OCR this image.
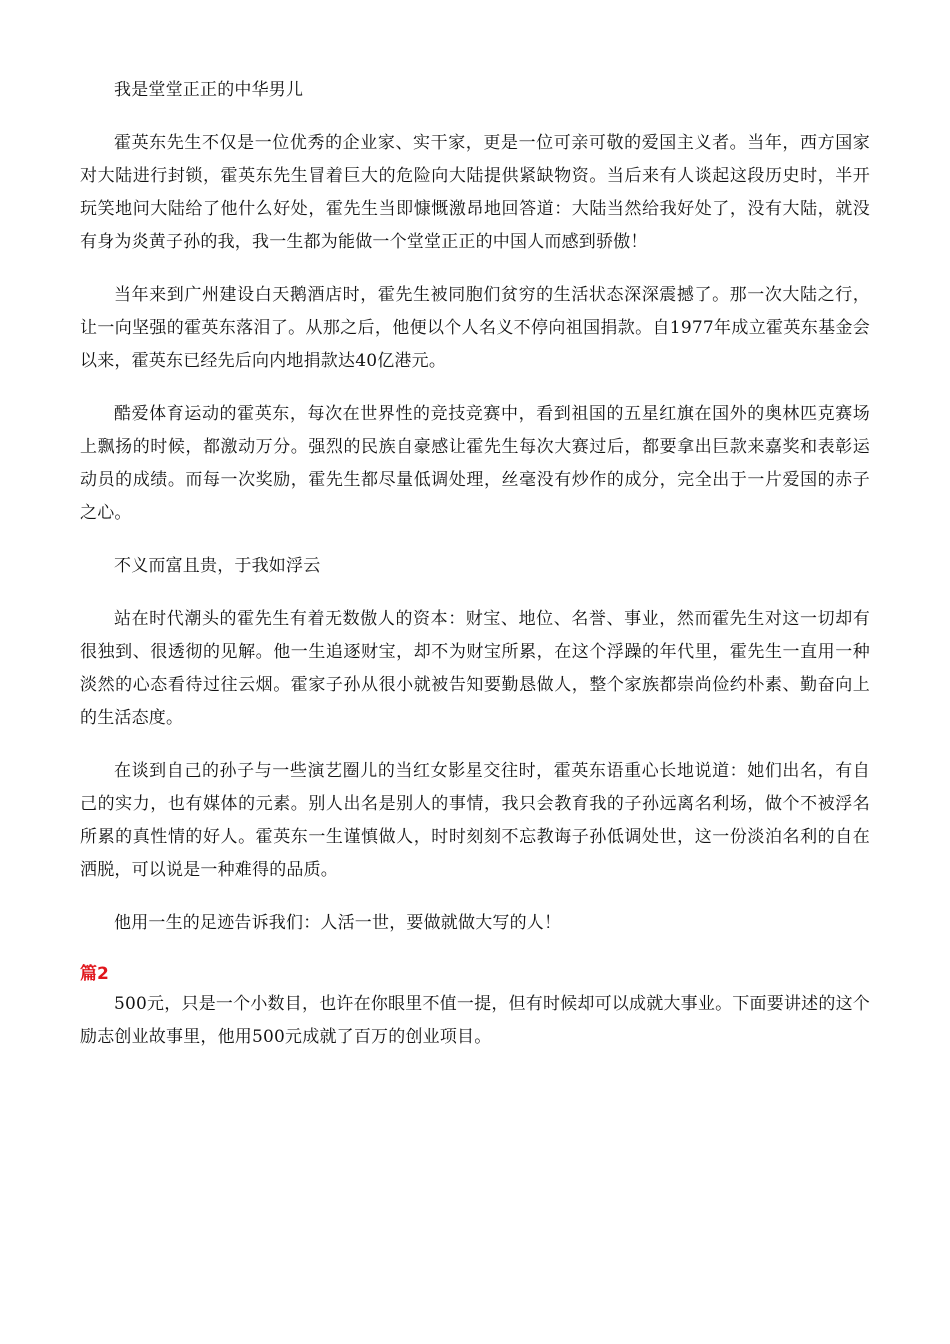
我是堂堂正正的中华男儿

霍英东先生不仅是一位优秀的企业家、实干家，更是一位可亲可敬的爱国主义者。当年，西方国家对大陆进行封锁，霍英东先生冒着巨大的危险向大陆提供紧缺物资。当后来有人谈起这段历史时，半开玩笑地问大陆给了他什么好处，霍先生当即慷慨激昂地回答道：大陆当然给我好处了，没有大陆，就没有身为炎黄子孙的我，我一生都为能做一个堂堂正正的中国人而感到骄傲！

当年来到广州建设白天鹅酒店时，霍先生被同胞们贫穷的生活状态深深震撼了。那一次大陆之行，让一向坚强的霍英东落泪了。从那之后，他便以个人名义不停向祖国捐款。自1977年成立霍英东基金会以来，霍英东已经先后向内地捐款达40亿港元。

酷爱体育运动的霍英东，每次在世界性的竞技竞赛中，看到祖国的五星红旗在国外的奥林匹克赛场上飘扬的时候，都激动万分。强烈的民族自豪感让霍先生每次大赛过后，都要拿出巨款来嘉奖和表彰运动员的成绩。而每一次奖励，霍先生都尽量低调处理，丝毫没有炒作的成分，完全出于一片爱国的赤子之心。

不义而富且贵，于我如浮云

站在时代潮头的霍先生有着无数傲人的资本：财宝、地位、名誉、事业，然而霍先生对这一切却有很独到、很透彻的见解。他一生追逐财宝，却不为财宝所累，在这个浮躁的年代里，霍先生一直用一种淡然的心态看待过往云烟。霍家子孙从很小就被告知要勤恳做人，整个家族都崇尚俭约朴素、勤奋向上的生活态度。

在谈到自己的孙子与一些演艺圈儿的当红女影星交往时，霍英东语重心长地说道：她们出名，有自己的实力，也有媒体的元素。别人出名是别人的事情，我只会教育我的子孙远离名利场，做个不被浮名所累的真性情的好人。霍英东一生谨慎做人，时时刻刻不忘教诲子孙低调处世，这一份淡泊名利的自在洒脱，可以说是一种难得的品质。

他用一生的足迹告诉我们：人活一世，要做就做大写的人！

篇2

500元，只是一个小数目，也许在你眼里不值一提，但有时候却可以成就大事业。下面要讲述的这个励志创业故事里，他用500元成就了百万的创业项目。
